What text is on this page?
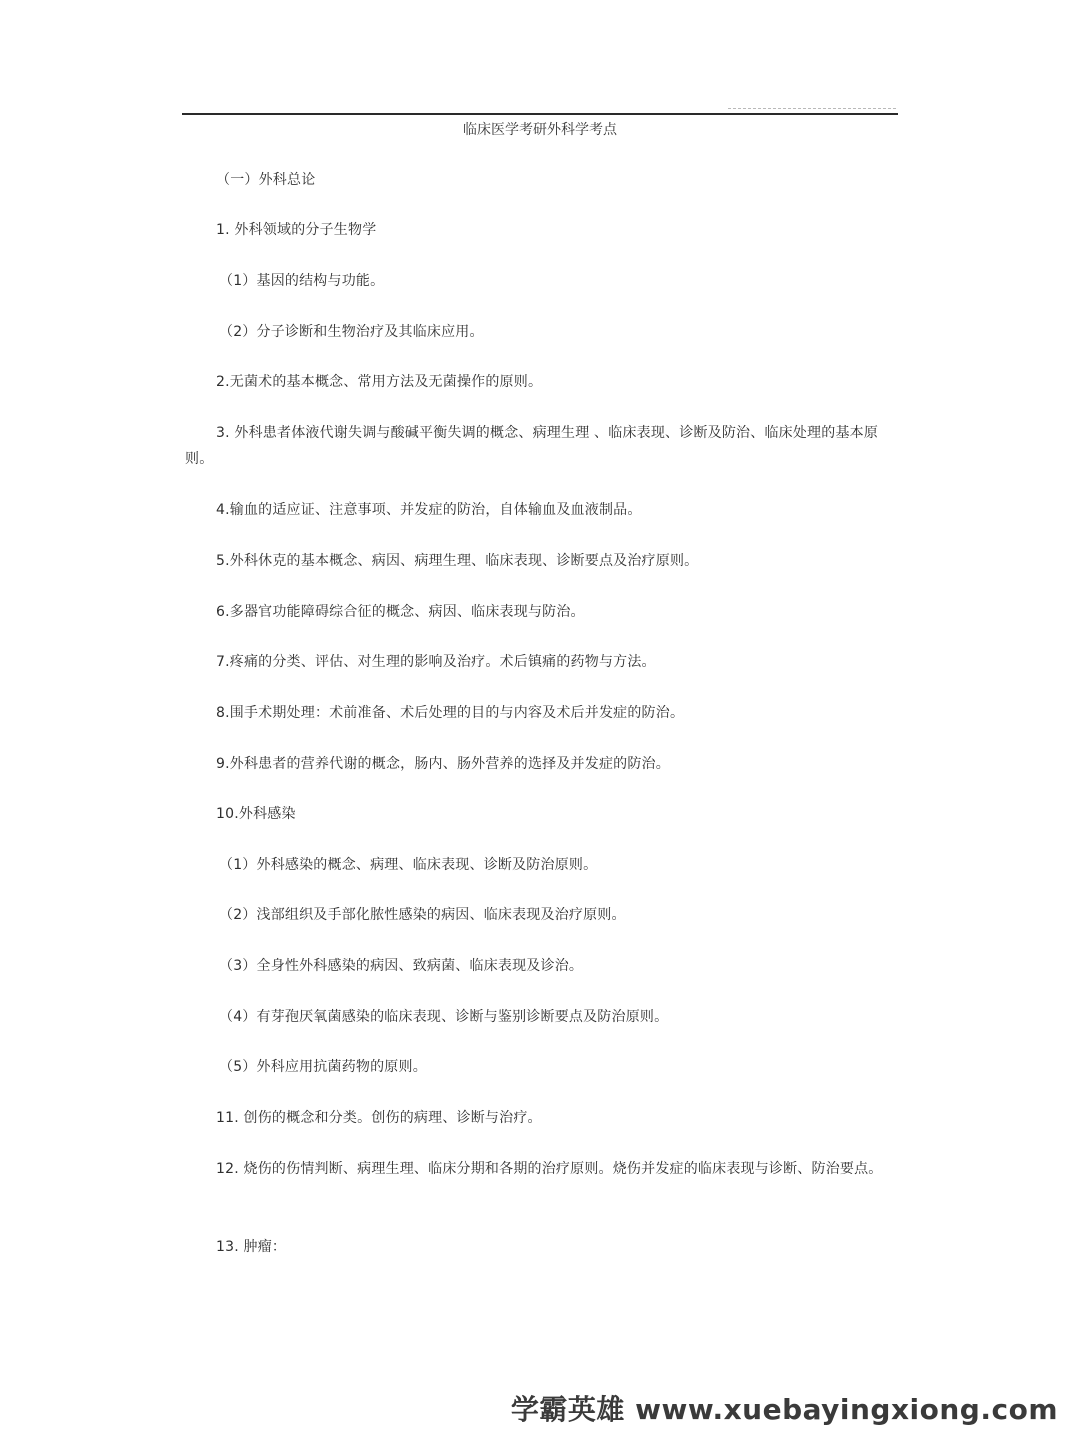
临床医学考研外科学考点
（一）外科总论
1. 外科领域的分子生物学
（1）基因的结构与功能。
（2）分子诊断和生物治疗及其临床应用。
2.无菌术的基本概念、常用方法及无菌操作的原则。
3. 外科患者体液代谢失调与酸碱平衡失调的概念、病理生理 、临床表现、诊断及防治、临床处理的基本原则。
4.输血的适应证、注意事项、并发症的防治，自体输血及血液制品。
5.外科休克的基本概念、病因、病理生理、临床表现、诊断要点及治疗原则。
6.多器官功能障碍综合征的概念、病因、临床表现与防治。
7.疼痛的分类、评估、对生理的影响及治疗。术后镇痛的药物与方法。
8.围手术期处理：术前准备、术后处理的目的与内容及术后并发症的防治。
9.外科患者的营养代谢的概念，肠内、肠外营养的选择及并发症的防治。
10.外科感染
（1）外科感染的概念、病理、临床表现、诊断及防治原则。
（2）浅部组织及手部化脓性感染的病因、临床表现及治疗原则。
（3）全身性外科感染的病因、致病菌、临床表现及诊治。
（4）有芽孢厌氧菌感染的临床表现、诊断与鉴别诊断要点及防治原则。
（5）外科应用抗菌药物的原则。
11. 创伤的概念和分类。创伤的病理、诊断与治疗。
12. 烧伤的伤情判断、病理生理、临床分期和各期的治疗原则。烧伤并发症的临床表现与诊断、防治要点。
13. 肿瘤：
学霸英雄 www.xuebayingxiong.com
